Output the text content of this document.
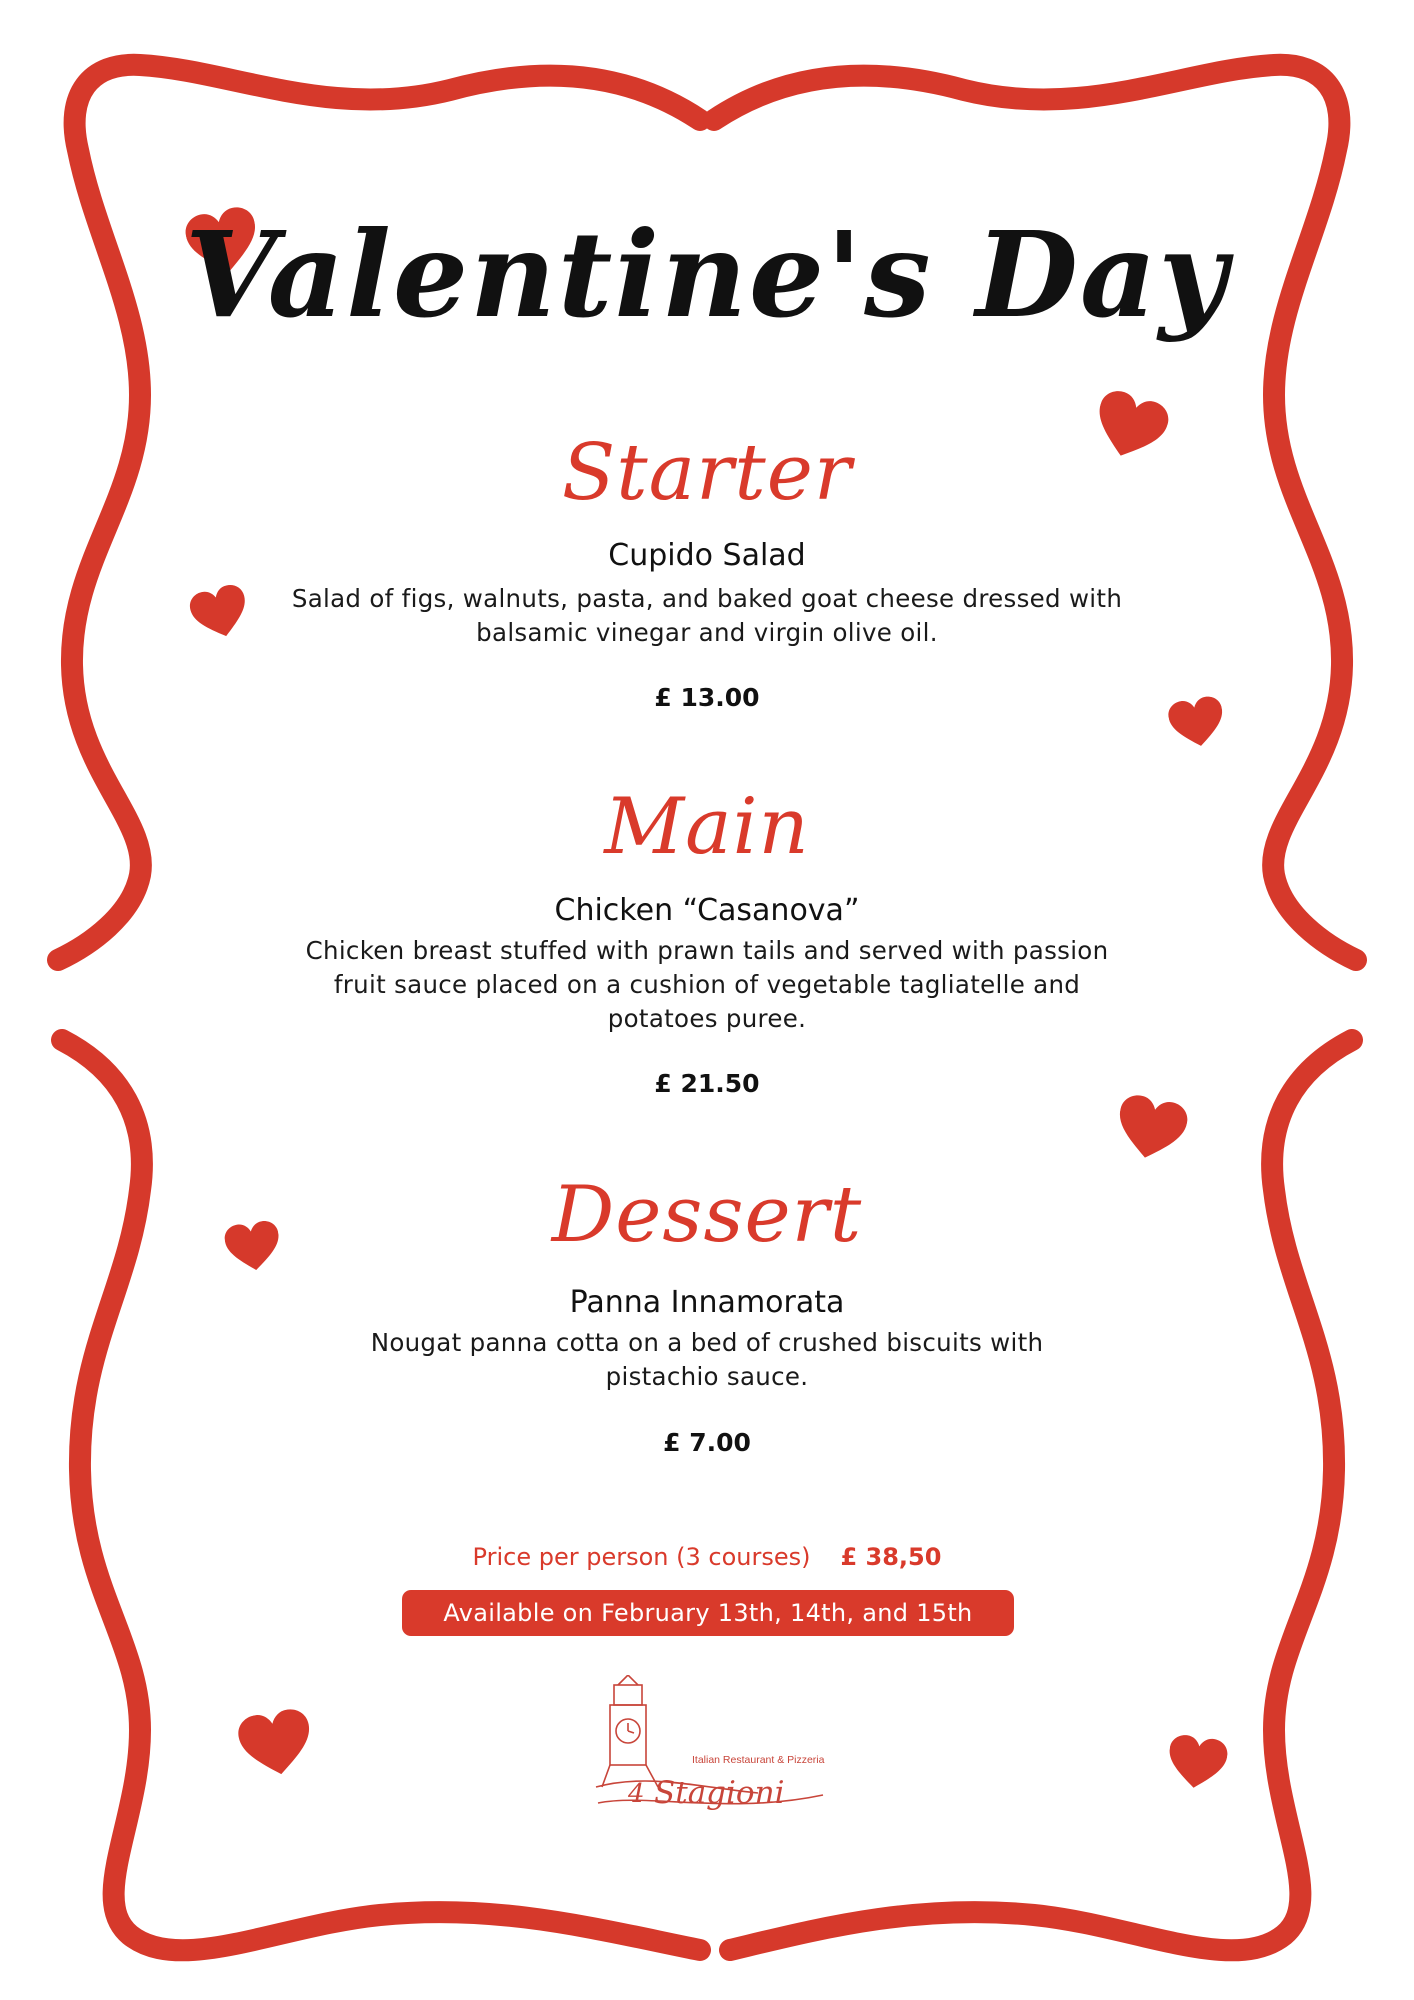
Valentine's Day
Starter
Cupido Salad
Salad of figs, walnuts, pasta, and baked goat cheese dressed with balsamic vinegar and virgin olive oil.
£ 13.00
Main
Chicken “Casanova”
Chicken breast stuffed with prawn tails and served with passion fruit sauce placed on a cushion of vegetable tagliatelle and potatoes puree.
£ 21.50
Dessert
Panna Innamorata
Nougat panna cotta on a bed of crushed biscuits with pistachio sauce.
£ 7.00
Price per person (3 courses) £ 38,50
Available on February 13th, 14th, and 15th
Italian Restaurant & Pizzeria
4 Stagioni
